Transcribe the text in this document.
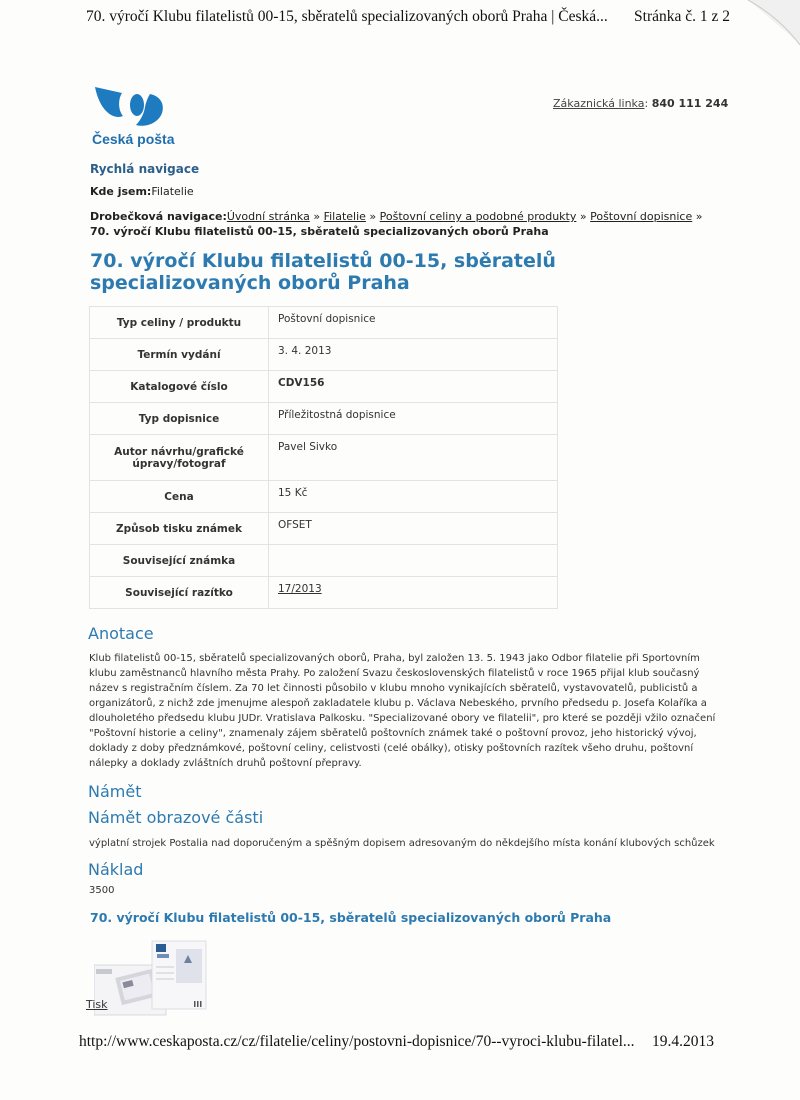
70. výročí Klubu filatelistů 00-15, sběratelů specializovaných oborů Praha | Česká... Stránka č. 1 z 2
Česká pošta
Zákaznická linka: 840 111 244
Rychlá navigace
Kde jsem:Filatelie
Drobečková navigace:Úvodní stránka » Filatelie » Poštovní celiny a podobné produkty » Poštovní dopisnice » 70. výročí Klubu filatelistů 00-15, sběratelů specializovaných oborů Praha
70. výročí Klubu filatelistů 00-15, sběratelů specializovaných oborů Praha
Typ celiny / produktu	Poštovní dopisnice
Termín vydání	3. 4. 2013
Katalogové číslo	CDV156
Typ dopisnice	Příležitostná dopisnice
Autor návrhu/grafické úpravy/fotograf	Pavel Sivko
Cena	15 Kč
Způsob tisku známek	OFSET
Související známka	
Související razítko	17/2013
Anotace

Klub filatelistů 00-15, sběratelů specializovaných oborů, Praha, byl založen 13. 5. 1943 jako Odbor filatelie při Sportovním klubu zaměstnanců hlavního města Prahy. Po založení Svazu československých filatelistů v roce 1965 přijal klub současný název s registračním číslem. Za 70 let činnosti působilo v klubu mnoho vynikajících sběratelů, vystavovatelů, publicistů a organizátorů, z nichž zde jmenujme alespoň zakladatele klubu p. Václava Nebeského, prvního předsedu p. Josefa Kolaříka a dlouholetého předsedu klubu JUDr. Vratislava Palkosku. "Specializované obory ve filatelii", pro které se později vžilo označení "Poštovní historie a celiny", znamenaly zájem sběratelů poštovních známek také o poštovní provoz, jeho historický vývoj, doklady z doby předznámkové, poštovní celiny, celistvosti (celé obálky), otisky poštovních razítek všeho druhu, poštovní nálepky a doklady zvláštních druhů poštovní přepravy.

Námět
Námět obrazové části

výplatní strojek Postalia nad doporučeným a spěšným dopisem adresovaným do někdejšího místa konání klubových schůzek

Náklad
3500
70. výročí Klubu filatelistů 00-15, sběratelů specializovaných oborů Praha
Tisk
http://www.ceskaposta.cz/cz/filatelie/celiny/postovni-dopisnice/70--vyroci-klubu-filatel... 19.4.2013
